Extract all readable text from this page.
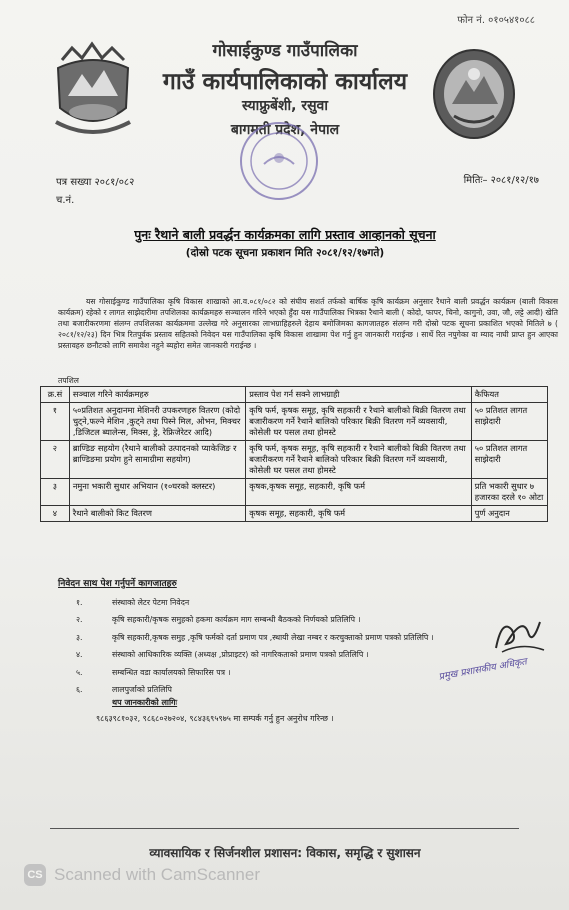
फोन नं. ०१०५४१०८८
गोसाईकुण्ड गाउँपालिका
गाउँ कार्यपालिकाको कार्यालय
स्याफ्रुबेंशी, रसुवा
बागमती प्रदेश, नेपाल
पत्र सख्या २०८१/०८२
च.नं.
मितिः– २०८१/१२/१७
पुनः रैथाने बाली प्रवर्द्धन कार्यक्रमका लागि प्रस्ताव आव्हानको सूचना
(दोस्रो पटक सूचना प्रकाशन मिति २०८१/१२/१७गते)
यस गोसाईकुण्ड गाउँपालिका कृषि विकास शाखाको आ.व.०८१/०८२ को संघीय सशर्त तर्फको बार्षिक कृषि कार्यक्रम अनुसार रैथाने बाली प्रवर्द्धन कार्यक्रम (बाली विकास कार्यक्रम) रहेको र लागत साझेदारीमा तपशिलका कार्यक्रमहरु सञ्चालन गरिने भएको हुँदा यस गाउँपालिका भित्रका रैथाने बाली ( कोदो, फापर, चिनो, कागुनो, उवा, जौ, लट्टे आदी) खेति तथा बजारीकरणमा संलग्न तपशिलका कार्यक्रममा उल्लेख गरे अनुसारका लाभग्राहिहरुले देहाय बमोजिमका कागजातहरु संलग्न गरी दोस्रो पटक सूचना प्रकाशित भएको मितिले ७ ( २०८१/१२/२३) दिन भित्र रितपुर्वक प्रस्ताव सहितको निवेदन यस गाउँपालिका कृषि विकास शाखामा पेश गर्नु हुन जानकारी गराईन्छ । सार्थे रित नपुगेका वा म्याद नाघी प्राप्त हुन आएका प्रस्तावहरु छनौटको लागि समावेश नहुने ब्यहोरा समेत जानकारी गराईन्छ ।
तपशिल
क्र.सं	सञ्चाल गरिने कार्यक्रमहरु	प्रस्ताव पेश गर्न सक्ने लाभग्राही	कैफियत
१	५०प्रतिशत अनुदानमा मेशिनरी उपकरणहरु वितरण (कोदो चुट्ने,फल्ने मेशिन ,कुट्ने तथा पिस्ने मिल, ओभन, मिक्चर ,डिजिटल ब्यालेन्स, मिक्स, ड्रे, रेफ्रिजेरेटर आदि)	कृषि फर्म, कृषक समूह, कृषि सहकारी र रैथाने बालीको बिक्री वितरण तथा बजारीकरण गर्ने रैथाने बालिको परिकार बिक्री वितरण गर्ने व्यवसायी, कोसेली घर पसल तथा होमस्टे	५० प्रतिशत लागत साझेदारी
२	ब्राण्डिङ सहयोग (रैथाने बालीको उत्पादनको प्याकेजिङ र ब्राण्डिङमा प्रयोग हुने सामाग्रीमा सहयोग)	कृषि फर्म, कृषक समूह, कृषि सहकारी र रैथाने बालीको बिक्री वितरण तथा बजारीकरण गर्ने रैथाने बालिको परिकार बिक्री वितरण गर्ने व्यवसायी, कोसेली घर पसल तथा होमस्टे	५० प्रतिशत लागत साझेदारी
३	नमुना भकारी सुधार अभियान (१०घरको क्लस्टर)	कृषक,कृषक समूह, सहकारी, कृषि फर्म	प्रति भकारी सुधार ७ हजारका दरले १० ओटा
४	रैथाने बालीको किट वितरण	कृषक समूह, सहकारी, कृषि फर्म	पुर्ण अनुदान
निवेदन साथ पेश गर्नुपर्ने कागजातहरु
१.	संस्थाको लेटर पेटमा निवेदन
२.	कृषि सहकारी/कृषक समुहको हकमा कार्यक्रम माग सम्बन्धी बैठकको निर्णयको प्रतिलिपि ।
३.	कृषि सहकारी,कृषक समुह ,कृषि फर्मको दर्ता प्रमाण पत्र ,स्थायी लेखा नम्बर र करचुक्ताको प्रमाण पत्रको प्रतिलिपि ।
४.	संस्थाको आधिकारिक व्यक्ति (अध्यक्ष ,प्रोप्राइटर) को नागरिकताको प्रमाण पत्रको प्रतिलिपि ।
५.	सम्बन्धित वडा कार्यालयको सिफारिस पत्र ।
६.	लालपुर्जाको प्रतिलिपि
थप जानकारीको लागिः
९८६३९८१०३२, ९८६८०२७२०४, ९८४३६९५९७५ मा सम्पर्क गर्नु हुन अनुरोध गरिन्छ ।
प्रमुख प्रशासकीय अधिकृत
व्यावसायिक र सिर्जनशील प्रशासन: विकास, समृद्धि र सुशासन
CS Scanned with CamScanner
